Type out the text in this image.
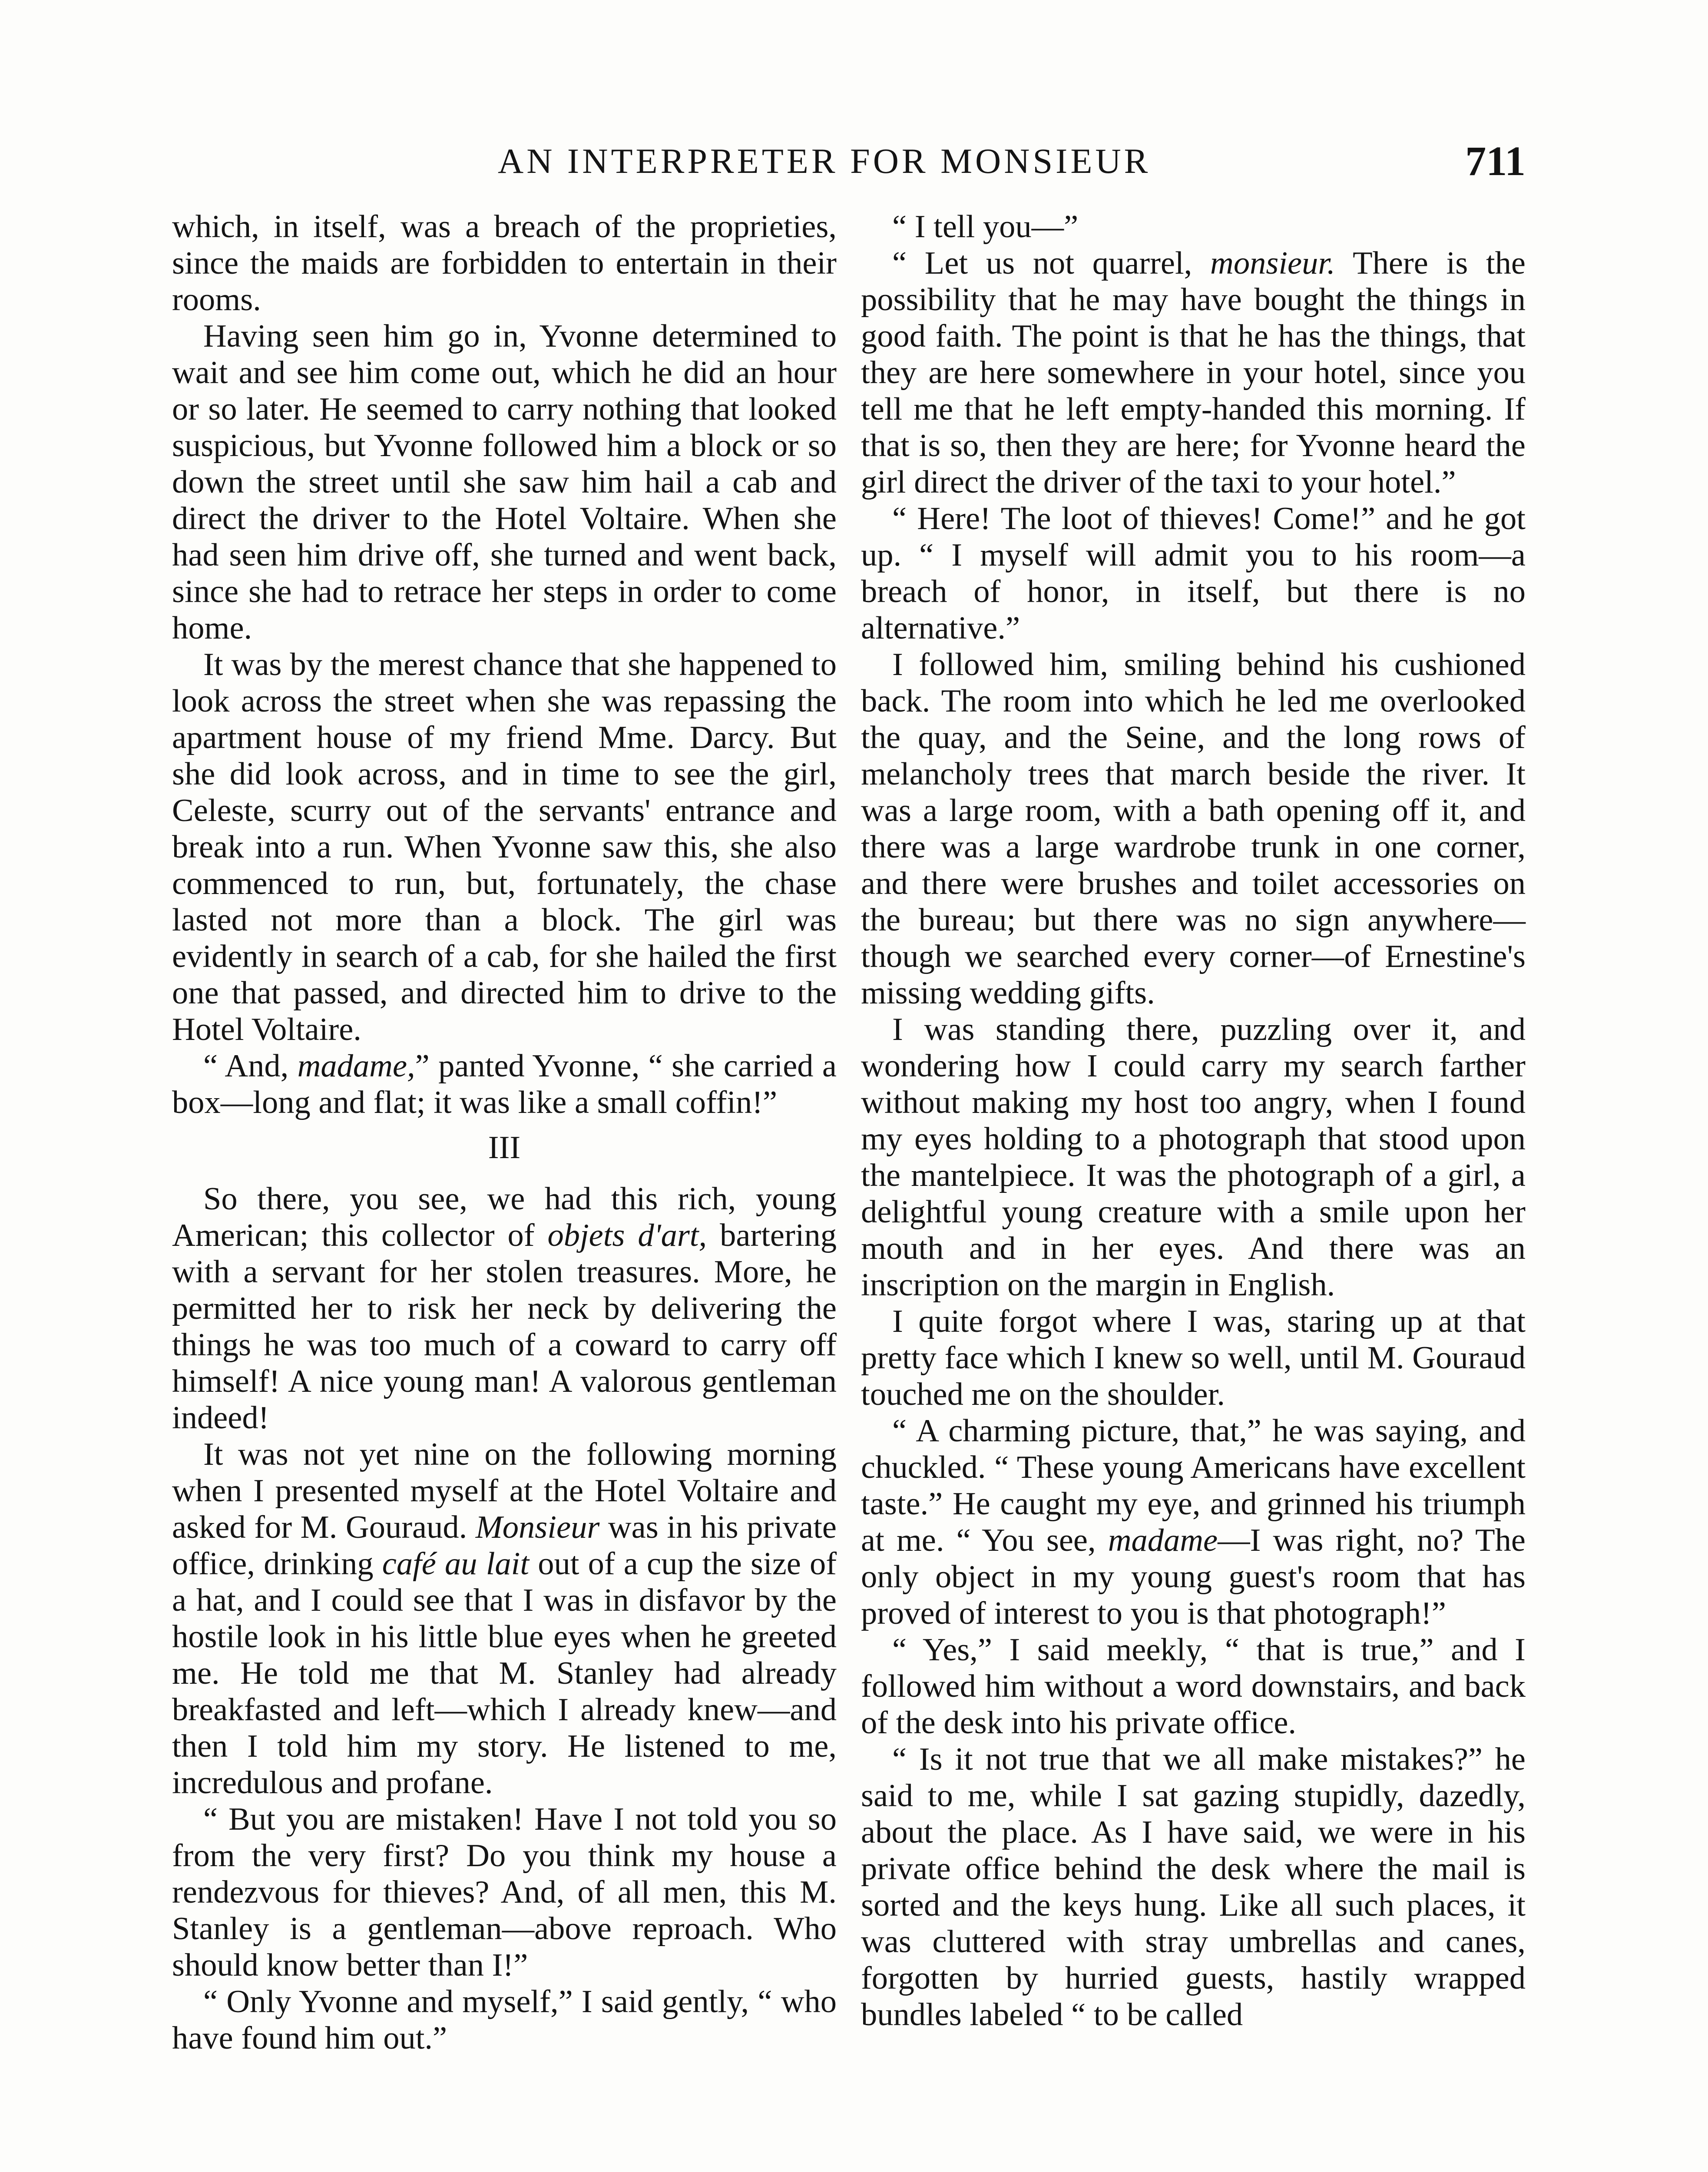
AN INTERPRETER FOR MONSIEUR	711

which, in itself, was a breach of the proprieties, since the maids are forbidden to entertain in their rooms.

Having seen him go in, Yvonne determined to wait and see him come out, which he did an hour or so later. He seemed to carry nothing that looked suspicious, but Yvonne followed him a block or so down the street until she saw him hail a cab and direct the driver to the Hotel Voltaire. When she had seen him drive off, she turned and went back, since she had to retrace her steps in order to come home.

It was by the merest chance that she happened to look across the street when she was repassing the apartment house of my friend Mme. Darcy. But she did look across, and in time to see the girl, Celeste, scurry out of the servants' entrance and break into a run. When Yvonne saw this, she also commenced to run, but, fortunately, the chase lasted not more than a block. The girl was evidently in search of a cab, for she hailed the first one that passed, and directed him to drive to the Hotel Voltaire.

“ And, madame,” panted Yvonne, “ she carried a box—long and flat; it was like a small coffin!”

III

So there, you see, we had this rich, young American; this collector of objets d'art, bartering with a servant for her stolen treasures. More, he permitted her to risk her neck by delivering the things he was too much of a coward to carry off himself! A nice young man! A valorous gentleman indeed!

It was not yet nine on the following morning when I presented myself at the Hotel Voltaire and asked for M. Gouraud. Monsieur was in his private office, drinking café au lait out of a cup the size of a hat, and I could see that I was in disfavor by the hostile look in his little blue eyes when he greeted me. He told me that M. Stanley had already breakfasted and left—which I already knew—and then I told him my story. He listened to me, incredulous and profane.

“ But you are mistaken! Have I not told you so from the very first? Do you think my house a rendezvous for thieves? And, of all men, this M. Stanley is a gentleman—above reproach. Who should know better than I!”

“ Only Yvonne and myself,” I said gently, “ who have found him out.”

“ I tell you—”

“ Let us not quarrel, monsieur. There is the possibility that he may have bought the things in good faith. The point is that he has the things, that they are here somewhere in your hotel, since you tell me that he left empty-handed this morning. If that is so, then they are here; for Yvonne heard the girl direct the driver of the taxi to your hotel.”

“ Here! The loot of thieves! Come!” and he got up. “ I myself will admit you to his room—a breach of honor, in itself, but there is no alternative.”

I followed him, smiling behind his cushioned back. The room into which he led me overlooked the quay, and the Seine, and the long rows of melancholy trees that march beside the river. It was a large room, with a bath opening off it, and there was a large wardrobe trunk in one corner, and there were brushes and toilet accessories on the bureau; but there was no sign anywhere—though we searched every corner—of Ernestine's missing wedding gifts.

I was standing there, puzzling over it, and wondering how I could carry my search farther without making my host too angry, when I found my eyes holding to a photograph that stood upon the mantelpiece. It was the photograph of a girl, a delightful young creature with a smile upon her mouth and in her eyes. And there was an inscription on the margin in English.

I quite forgot where I was, staring up at that pretty face which I knew so well, until M. Gouraud touched me on the shoulder.

“ A charming picture, that,” he was saying, and chuckled. “ These young Americans have excellent taste.” He caught my eye, and grinned his triumph at me. “ You see, madame—I was right, no? The only object in my young guest's room that has proved of interest to you is that photograph!”

“ Yes,” I said meekly, “ that is true,” and I followed him without a word downstairs, and back of the desk into his private office.

“ Is it not true that we all make mistakes?” he said to me, while I sat gazing stupidly, dazedly, about the place. As I have said, we were in his private office behind the desk where the mail is sorted and the keys hung. Like all such places, it was cluttered with stray umbrellas and canes, forgotten by hurried guests, hastily wrapped bundles labeled “ to be called
